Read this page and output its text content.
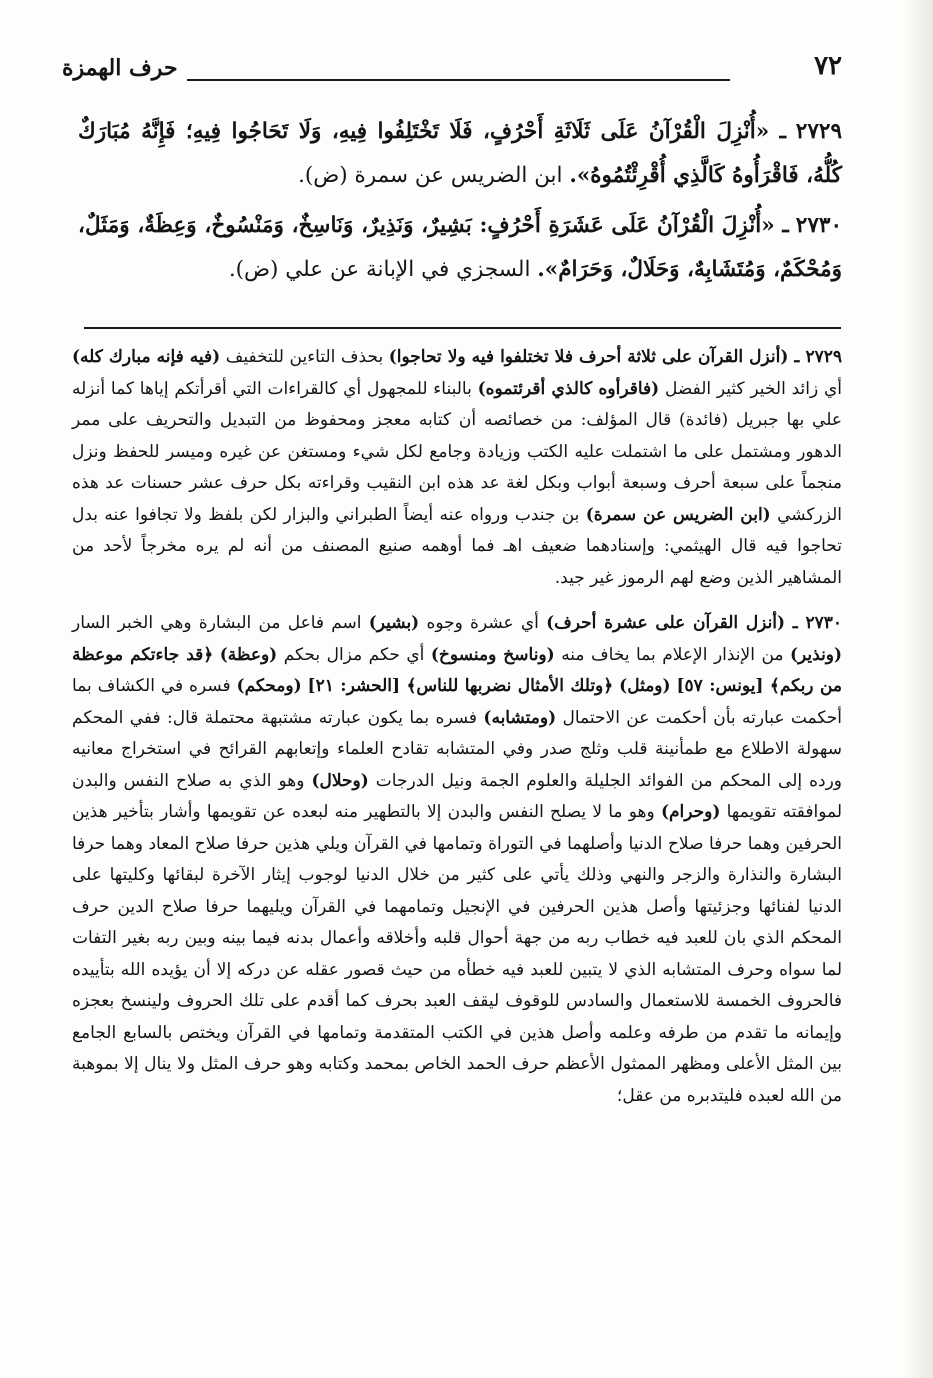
حرف الهمزة	٧٢

٢٧٢٩ ـ «أُنْزِلَ الْقُرْآنُ عَلَى ثَلَاثَةِ أَحْرُفٍ، فَلَا تَخْتَلِفُوا فِيهِ، وَلَا تَحَاجُوا فِيهِ؛ فَإِنَّهُ مُبَارَكٌ كُلُّهُ، فَاقْرَأُوهُ كَالَّذِي أُقْرِئْتُمُوهُ». ابن الضريس عن سمرة (ض).

٢٧٣٠ ـ «أُنْزِلَ الْقُرْآنُ عَلَى عَشَرَةِ أَحْرُفٍ: بَشِيرٌ، وَنَذِيرٌ، وَنَاسِخٌ، وَمَنْسُوخٌ، وَعِظَةٌ، وَمَثَلٌ، وَمُحْكَمٌ، وَمُتَشَابِهٌ، وَحَلَالٌ، وَحَرَامٌ». السجزي في الإبانة عن علي (ض).

٢٧٢٩ ـ (أنزل القرآن على ثلاثة أحرف فلا تختلفوا فيه ولا تحاجوا) بحذف التاءين للتخفيف (فيه فإنه مبارك كله) أي زائد الخير كثير الفضل (فاقرأوه كالذي أقرئتموه) بالبناء للمجهول أي كالقراءات التي أقرأتكم إياها كما أنزله علي بها جبريل (فائدة) قال المؤلف: من خصائصه أن كتابه معجز ومحفوظ من التبديل والتحريف على ممر الدهور ومشتمل على ما اشتملت عليه الكتب وزيادة وجامع لكل شيء ومستغن عن غيره وميسر للحفظ ونزل منجماً على سبعة أحرف وسبعة أبواب وبكل لغة عد هذه ابن النقيب وقراءته بكل حرف عشر حسنات عد هذه الزركشي (ابن الضريس عن سمرة) بن جندب ورواه عنه أيضاً الطبراني والبزار لكن بلفظ ولا تجافوا عنه بدل تحاجوا فيه قال الهيثمي: وإسنادهما ضعيف اهـ فما أوهمه صنيع المصنف من أنه لم يره مخرجاً لأحد من المشاهير الذين وضع لهم الرموز غير جيد.

٢٧٣٠ ـ (أنزل القرآن على عشرة أحرف) أي عشرة وجوه (بشير) اسم فاعل من البشارة وهي الخبر السار (ونذير) من الإنذار الإعلام بما يخاف منه (وناسخ ومنسوخ) أي حكم مزال بحكم (وعظة) ﴿قد جاءتكم موعظة من ربكم﴾ [يونس: ٥٧] (ومثل) ﴿وتلك الأمثال نضربها للناس﴾ [الحشر: ٢١] (ومحكم) فسره في الكشاف بما أحكمت عبارته بأن أحكمت عن الاحتمال (ومتشابه) فسره بما يكون عبارته مشتبهة محتملة قال: ففي المحكم سهولة الاطلاع مع طمأنينة قلب وثلج صدر وفي المتشابه تقادح العلماء وإتعابهم القرائح في استخراج معانيه ورده إلى المحكم من الفوائد الجليلة والعلوم الجمة ونيل الدرجات (وحلال) وهو الذي به صلاح النفس والبدن لموافقته تقويمها (وحرام) وهو ما لا يصلح النفس والبدن إلا بالتطهير منه لبعده عن تقويمها وأشار بتأخير هذين الحرفين وهما حرفا صلاح الدنيا وأصلهما في التوراة وتمامها في القرآن ويلي هذين حرفا صلاح المعاد وهما حرفا البشارة والنذارة والزجر والنهي وذلك يأتي على كثير من خلال الدنيا لوجوب إيثار الآخرة لبقائها وكليتها على الدنيا لفنائها وجزئيتها وأصل هذين الحرفين في الإنجيل وتمامهما في القرآن ويليهما حرفا صلاح الدين حرف المحكم الذي بان للعبد فيه خطاب ربه من جهة أحوال قلبه وأخلاقه وأعمال بدنه فيما بينه وبين ربه بغير التفات لما سواه وحرف المتشابه الذي لا يتبين للعبد فيه خطأه من حيث قصور عقله عن دركه إلا أن يؤيده الله بتأييده فالحروف الخمسة للاستعمال والسادس للوقوف ليقف العبد بحرف كما أقدم على تلك الحروف ولينسخ بعجزه وإيمانه ما تقدم من طرفه وعلمه وأصل هذين في الكتب المتقدمة وتمامها في القرآن ويختص بالسابع الجامع بين المثل الأعلى ومظهر الممثول الأعظم حرف الحمد الخاص بمحمد وكتابه وهو حرف المثل ولا ينال إلا بموهبة من الله لعبده فليتدبره من عقل؛
